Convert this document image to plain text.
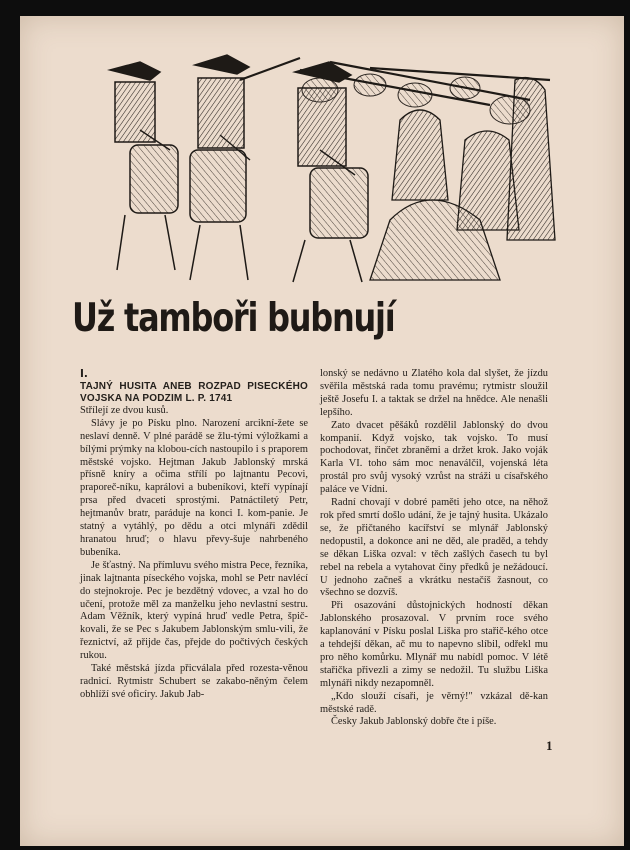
Už tamboři bubnují

I.

TAJNÝ HUSITA ANEB ROZPAD PISECKÉHO VOJSKA NA PODZIM L. P. 1741

Střílejí ze dvou kusů.

Slávy je po Písku plno. Narození arcikní-žete se neslaví denně. V plné parádě se žlu-tými výložkami a bílými prýmky na klobou-cích nastoupilo i s praporem městské vojsko. Hejtman Jakub Jablonský mrská přísně kníry a očima střílí po lajtnantu Pecovi, praporeč-níku, kaprálovi a bubeníkovi, kteří vypínají prsa před dvaceti sprostými. Patnáctiletý Petr, hejtmanův bratr, paráduje na konci I. kom-panie. Je statný a vytáhlý, po dědu a otci mlynáři zdědil hranatou hruď; o hlavu převy-šuje nahrbeného bubeníka.

Je šťastný. Na přímluvu svého mistra Pece, řezníka, jinak lajtnanta píseckého vojska, mohl se Petr navlécí do stejnokroje. Pec je bezdětný vdovec, a vzal ho do učení, protože měl za manželku jeho nevlastní sestru. Adam Věžník, který vypíná hruď vedle Petra, špič-kovali, že se Pec s Jakubem Jablonským smlu-vili, že řeznictví, až přijde čas, přejde do počtivých českých rukou.

Také městská jízda přicválala před rozesta-věnou radnicí. Rytmistr Schubert se zakabo-něným čelem obhlíží své oficíry. Jakub Jab-

lonský se nedávno u Zlatého kola dal slyšet, že jízdu svěřila městská rada tomu pravému; rytmistr sloužil ještě Josefu I. a taktak se držel na hnědce. Ale nenašli lepšího.

Zato dvacet pěšáků rozdělil Jablonský do dvou kompanií. Když vojsko, tak vojsko. To musí pochodovat, řinčet zbraněmi a držet krok. Jako voják Karla VI. toho sám moc nenaválčil, vojenská léta prostál pro svůj vysoký vzrůst na stráži u císařského paláce ve Vídni.

Radní chovají v dobré paměti jeho otce, na něhož rok před smrtí došlo udání, že je tajný husita. Ukázalo se, že přičtaného kacířství se mlynář Jablonský nedopustil, a dokonce ani ne děd, ale praděd, a tehdy se děkan Liška ozval: v těch zašlých časech tu byl rebel na rebela a vytahovat činy předků je nežádoucí. U jednoho začneš a vkrátku nestačíš žasnout, co všechno se dozvíš.

Při osazování důstojnických hodností děkan Jablonského prosazoval. V prvním roce svého kaplanování v Písku poslal Liška pro stařič-kého otce a tehdejší děkan, ač mu to napevno slíbil, odřekl mu pro něho komůrku. Mlynář mu nabídl pomoc. V létě stařička přivezli a zimy se nedožil. Tu službu Liška mlynáři nikdy nezapomněl.

„Kdo slouží císaři, je věrný!" vzkázal dě-kan městské radě.

Česky Jakub Jablonský dobře čte i píše.

1
